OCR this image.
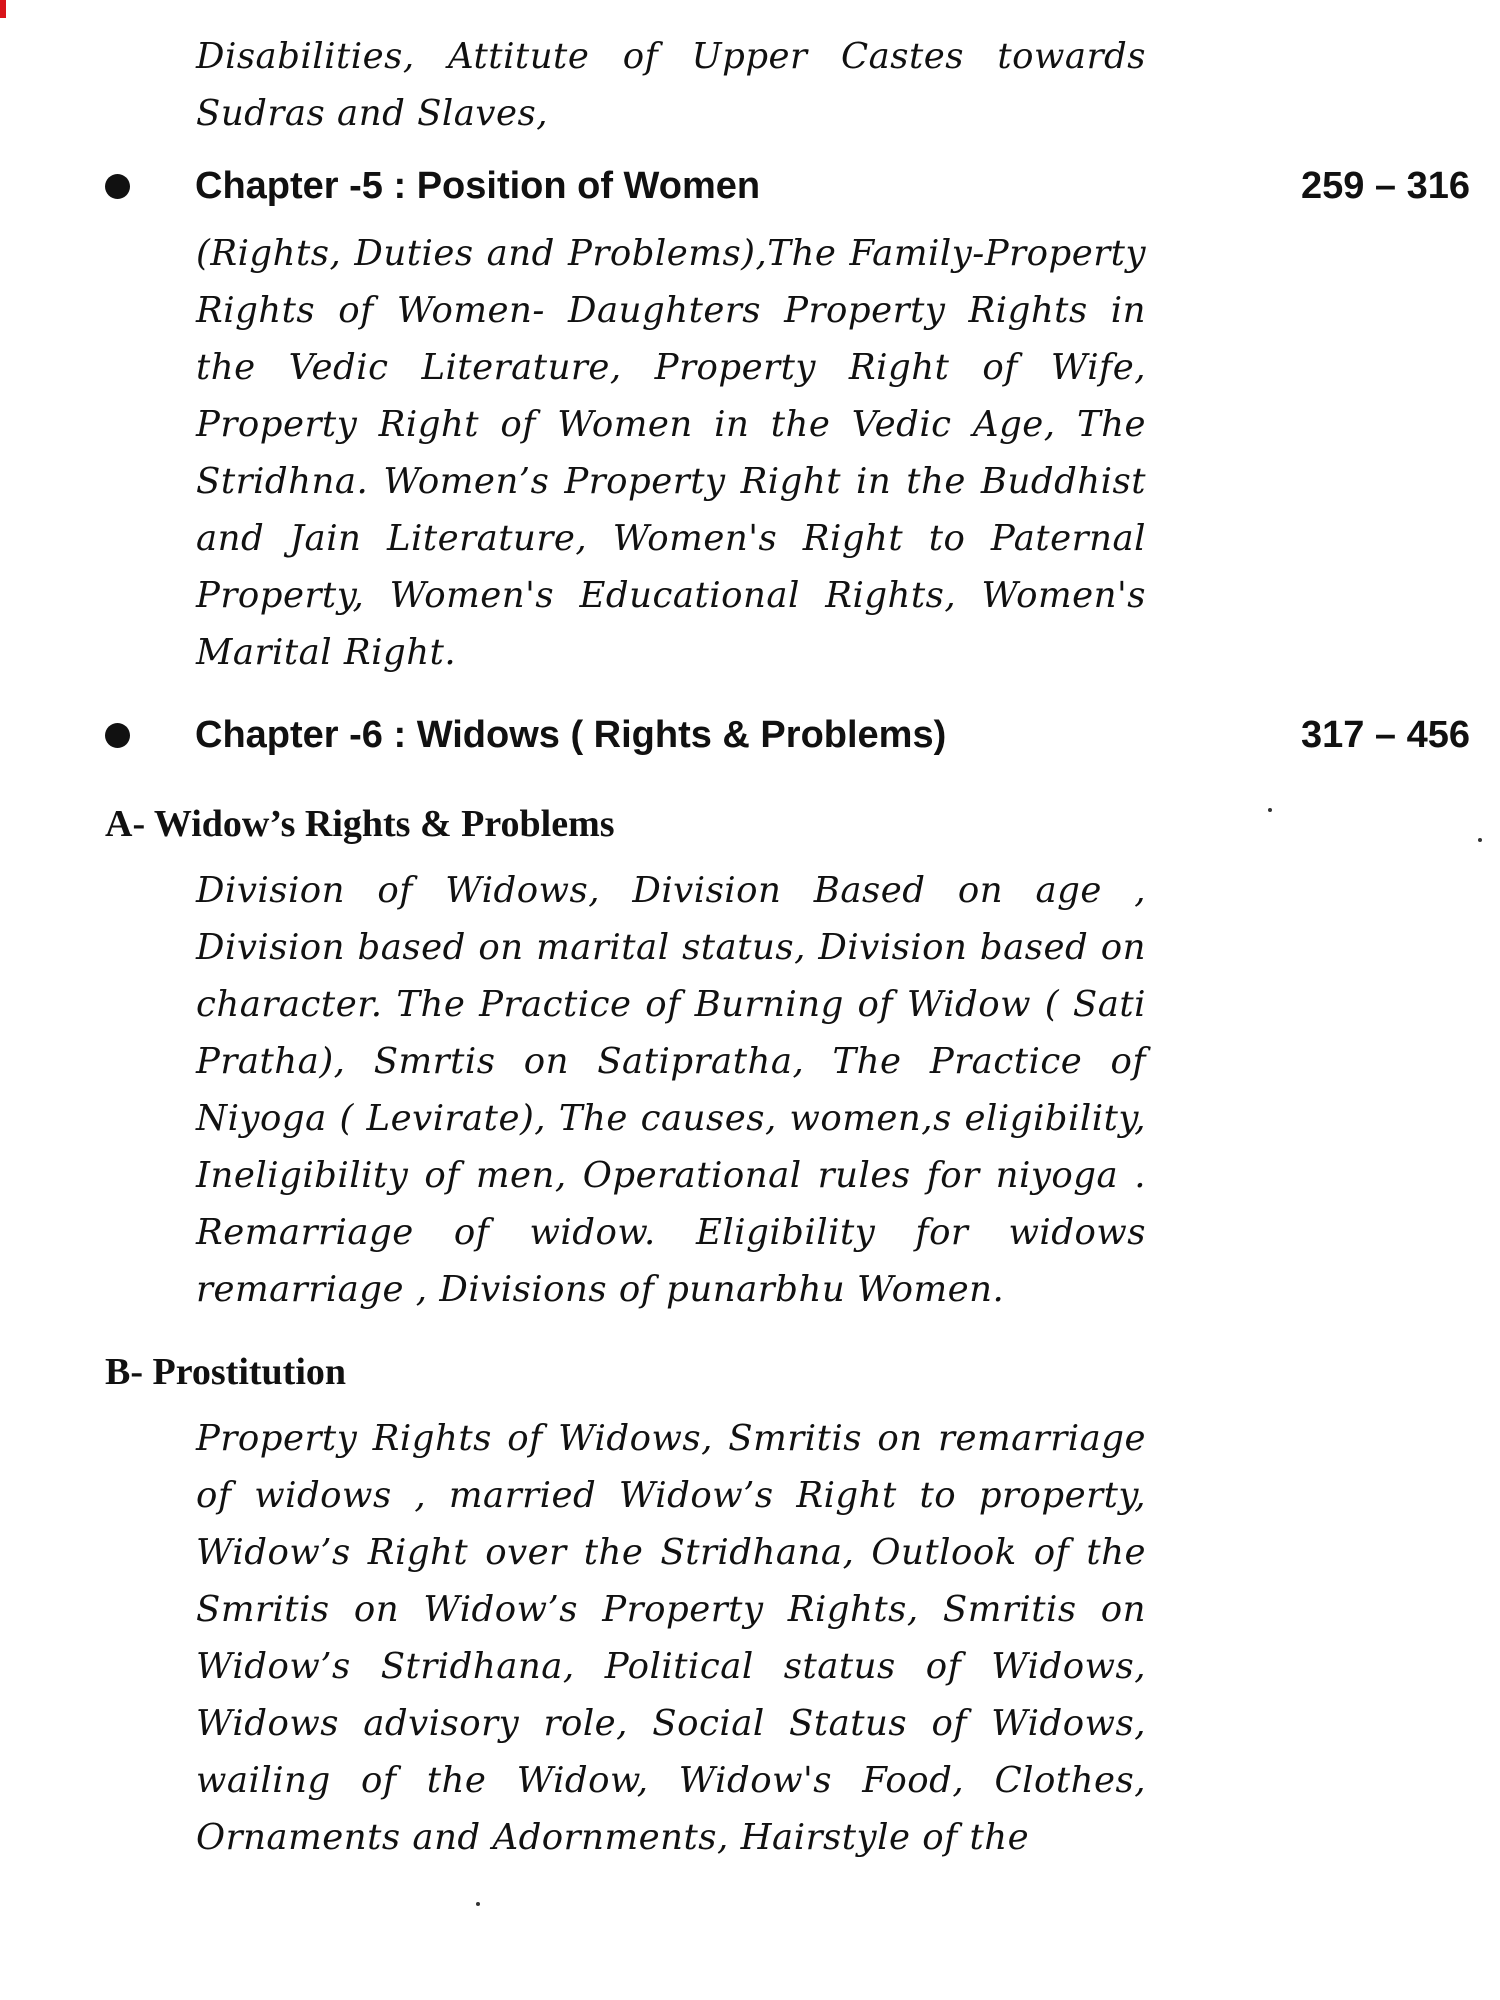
Disabilities, Attitute of Upper Castes towards Sudras and Slaves,

Chapter -5 : Position of Women	259 – 316

(Rights, Duties and Problems),The Family-Property Rights of Women- Daughters Property Rights in the Vedic Literature, Property Right of Wife, Property Right of Women in the Vedic Age, The Stridhna. Women’s Property Right in the Buddhist and Jain Literature, Women's Right to Paternal Property, Women's Educational Rights, Women's Marital Right.

Chapter -6 : Widows ( Rights & Problems)	317 – 456
A- Widow’s Rights & Problems

Division of Widows, Division Based on age , Division based on marital status, Division based on character. The Practice of Burning of Widow ( Sati Pratha), Smrtis on Satipratha, The Practice of Niyoga ( Levirate), The causes, women,s eligibility, Ineligibility of men, Operational rules for niyoga . Remarriage of widow. Eligibility for widows remarriage , Divisions of punarbhu Women.

B- Prostitution

Property Rights of Widows, Smritis on remarriage of widows , married Widow’s Right to property, Widow’s Right over the Stridhana, Outlook of the Smritis on Widow’s Property Rights, Smritis on Widow’s Stridhana, Political status of Widows, Widows advisory role, Social Status of Widows, wailing of the Widow, Widow's Food, Clothes, Ornaments and Adornments, Hairstyle of the
